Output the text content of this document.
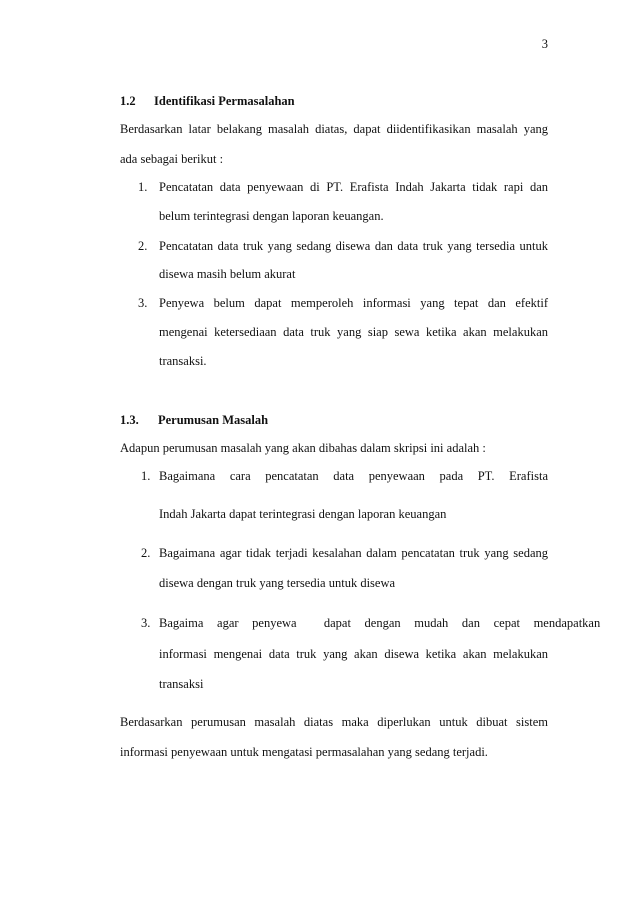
3
1.2 Identifikasi Permasalahan
Berdasarkan latar belakang masalah diatas, dapat diidentifikasikan masalah yang
ada sebagai berikut :
1. Pencatatan data penyewaan di PT. Erafista Indah Jakarta tidak rapi dan
belum terintegrasi dengan laporan keuangan.
2. Pencatatan data truk yang sedang disewa dan data truk yang tersedia untuk
disewa masih belum akurat
3. Penyewa belum dapat memperoleh informasi yang tepat dan efektif
mengenai ketersediaan data truk yang siap sewa ketika akan melakukan
transaksi.
1.3. Perumusan Masalah
Adapun perumusan masalah yang akan dibahas dalam skripsi ini adalah :
1. Bagaimana cara pencatatan data penyewaan pada PT. Erafista
Indah Jakarta dapat terintegrasi dengan laporan keuangan
2. Bagaimana agar tidak terjadi kesalahan dalam pencatatan truk yang sedang
disewa dengan truk yang tersedia untuk disewa
3. Bagaima agar penyewa  dapat dengan mudah dan cepat mendapatkan
informasi mengenai data truk yang akan disewa ketika akan melakukan
transaksi
Berdasarkan perumusan masalah diatas maka diperlukan untuk dibuat sistem
informasi penyewaan untuk mengatasi permasalahan yang sedang terjadi.
